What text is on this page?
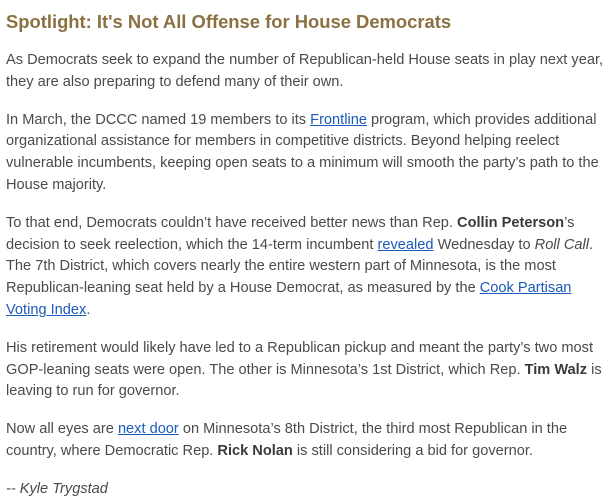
Spotlight: It's Not All Offense for House Democrats

As Democrats seek to expand the number of Republican-held House seats in play next year, they are also preparing to defend many of their own.

In March, the DCCC named 19 members to its Frontline program, which provides additional organizational assistance for members in competitive districts. Beyond helping reelect vulnerable incumbents, keeping open seats to a minimum will smooth the party’s path to the House majority.

To that end, Democrats couldn’t have received better news than Rep. Collin Peterson’s decision to seek reelection, which the 14-term incumbent revealed Wednesday to Roll Call. The 7th District, which covers nearly the entire western part of Minnesota, is the most Republican-leaning seat held by a House Democrat, as measured by the Cook Partisan Voting Index.

His retirement would likely have led to a Republican pickup and meant the party’s two most GOP-leaning seats were open. The other is Minnesota’s 1st District, which Rep. Tim Walz is leaving to run for governor.

Now all eyes are next door on Minnesota’s 8th District, the third most Republican in the country, where Democratic Rep. Rick Nolan is still considering a bid for governor.

-- Kyle Trygstad
